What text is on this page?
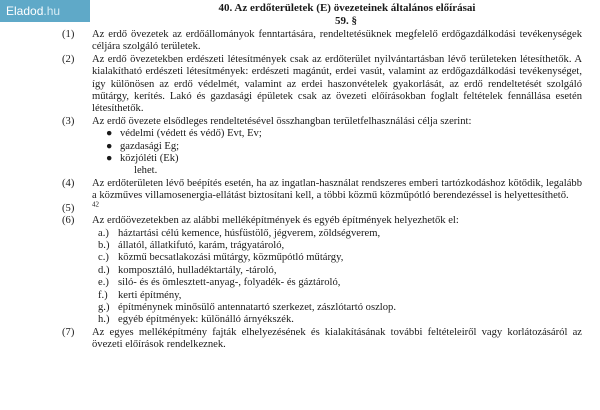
Eladod.hu	40. Az erdőterületek (E) övezeteinek általános előírásai
59. §
(1)	Az erdő övezetek az erdőállományok fenntartására, rendeltetésüknek megfelelő erdőgazdálkodási tevékenységek céljára szolgáló területek.
(2)	Az erdő övezetekben erdészeti létesítmények csak az erdőterület nyilvántartásban lévő területeken létesíthetők. A kialakítható erdészeti létesítmények: erdészeti magánút, erdei vasút, valamint az erdőgazdálkodási tevékenységet, így különösen az erdő védelmét, valamint az erdei haszonvételek gyakorlását, az erdő rendeltetését szolgáló műtárgy, kerítés. Lakó és gazdasági épületek csak az övezeti előírásokban foglalt feltételek fennállása esetén létesíthetők.
(3)	Az erdő övezete elsődleges rendeltetésével összhangban területfelhasználási célja szerint:
● védelmi (védett és védő) Evt, Ev;
● gazdasági Eg;
● közjóléti (Ek)
lehet.
(4)	Az erdőterületen lévő beépítés esetén, ha az ingatlan-használat rendszeres emberi tartózkodáshoz kötődik, legalább a közműves villamosenergia-ellátást biztosítani kell, a többi közmű közműpótló berendezéssel is helyettesíthető.
(5)	$^{42}$
(6)	Az erdőövezetekben az alábbi melléképítmények és egyéb építmények helyezhetők el:
a.) háztartási célú kemence, húsfüstölő, jégverem, zöldségverem,
b.) állatól, állatkifutó, karám, trágyatároló,
c.) közmű becsatlakozási műtárgy, közműpótló műtárgy,
d.) komposztáló, hulladéktartály, -tároló,
e.) siló- és és ömlesztett-anyag-, folyadék- és gáztároló,
f.) kerti építmény,
g.) építménynek minősülő antennatartó szerkezet, zászlótartó oszlop.
h.) egyéb építmények: különálló árnyékszék.
(7)	Az egyes melléképítmény fajták elhelyezésének és kialakításának további feltételeiről vagy korlátozásáról az övezeti előírások rendelkeznek.
